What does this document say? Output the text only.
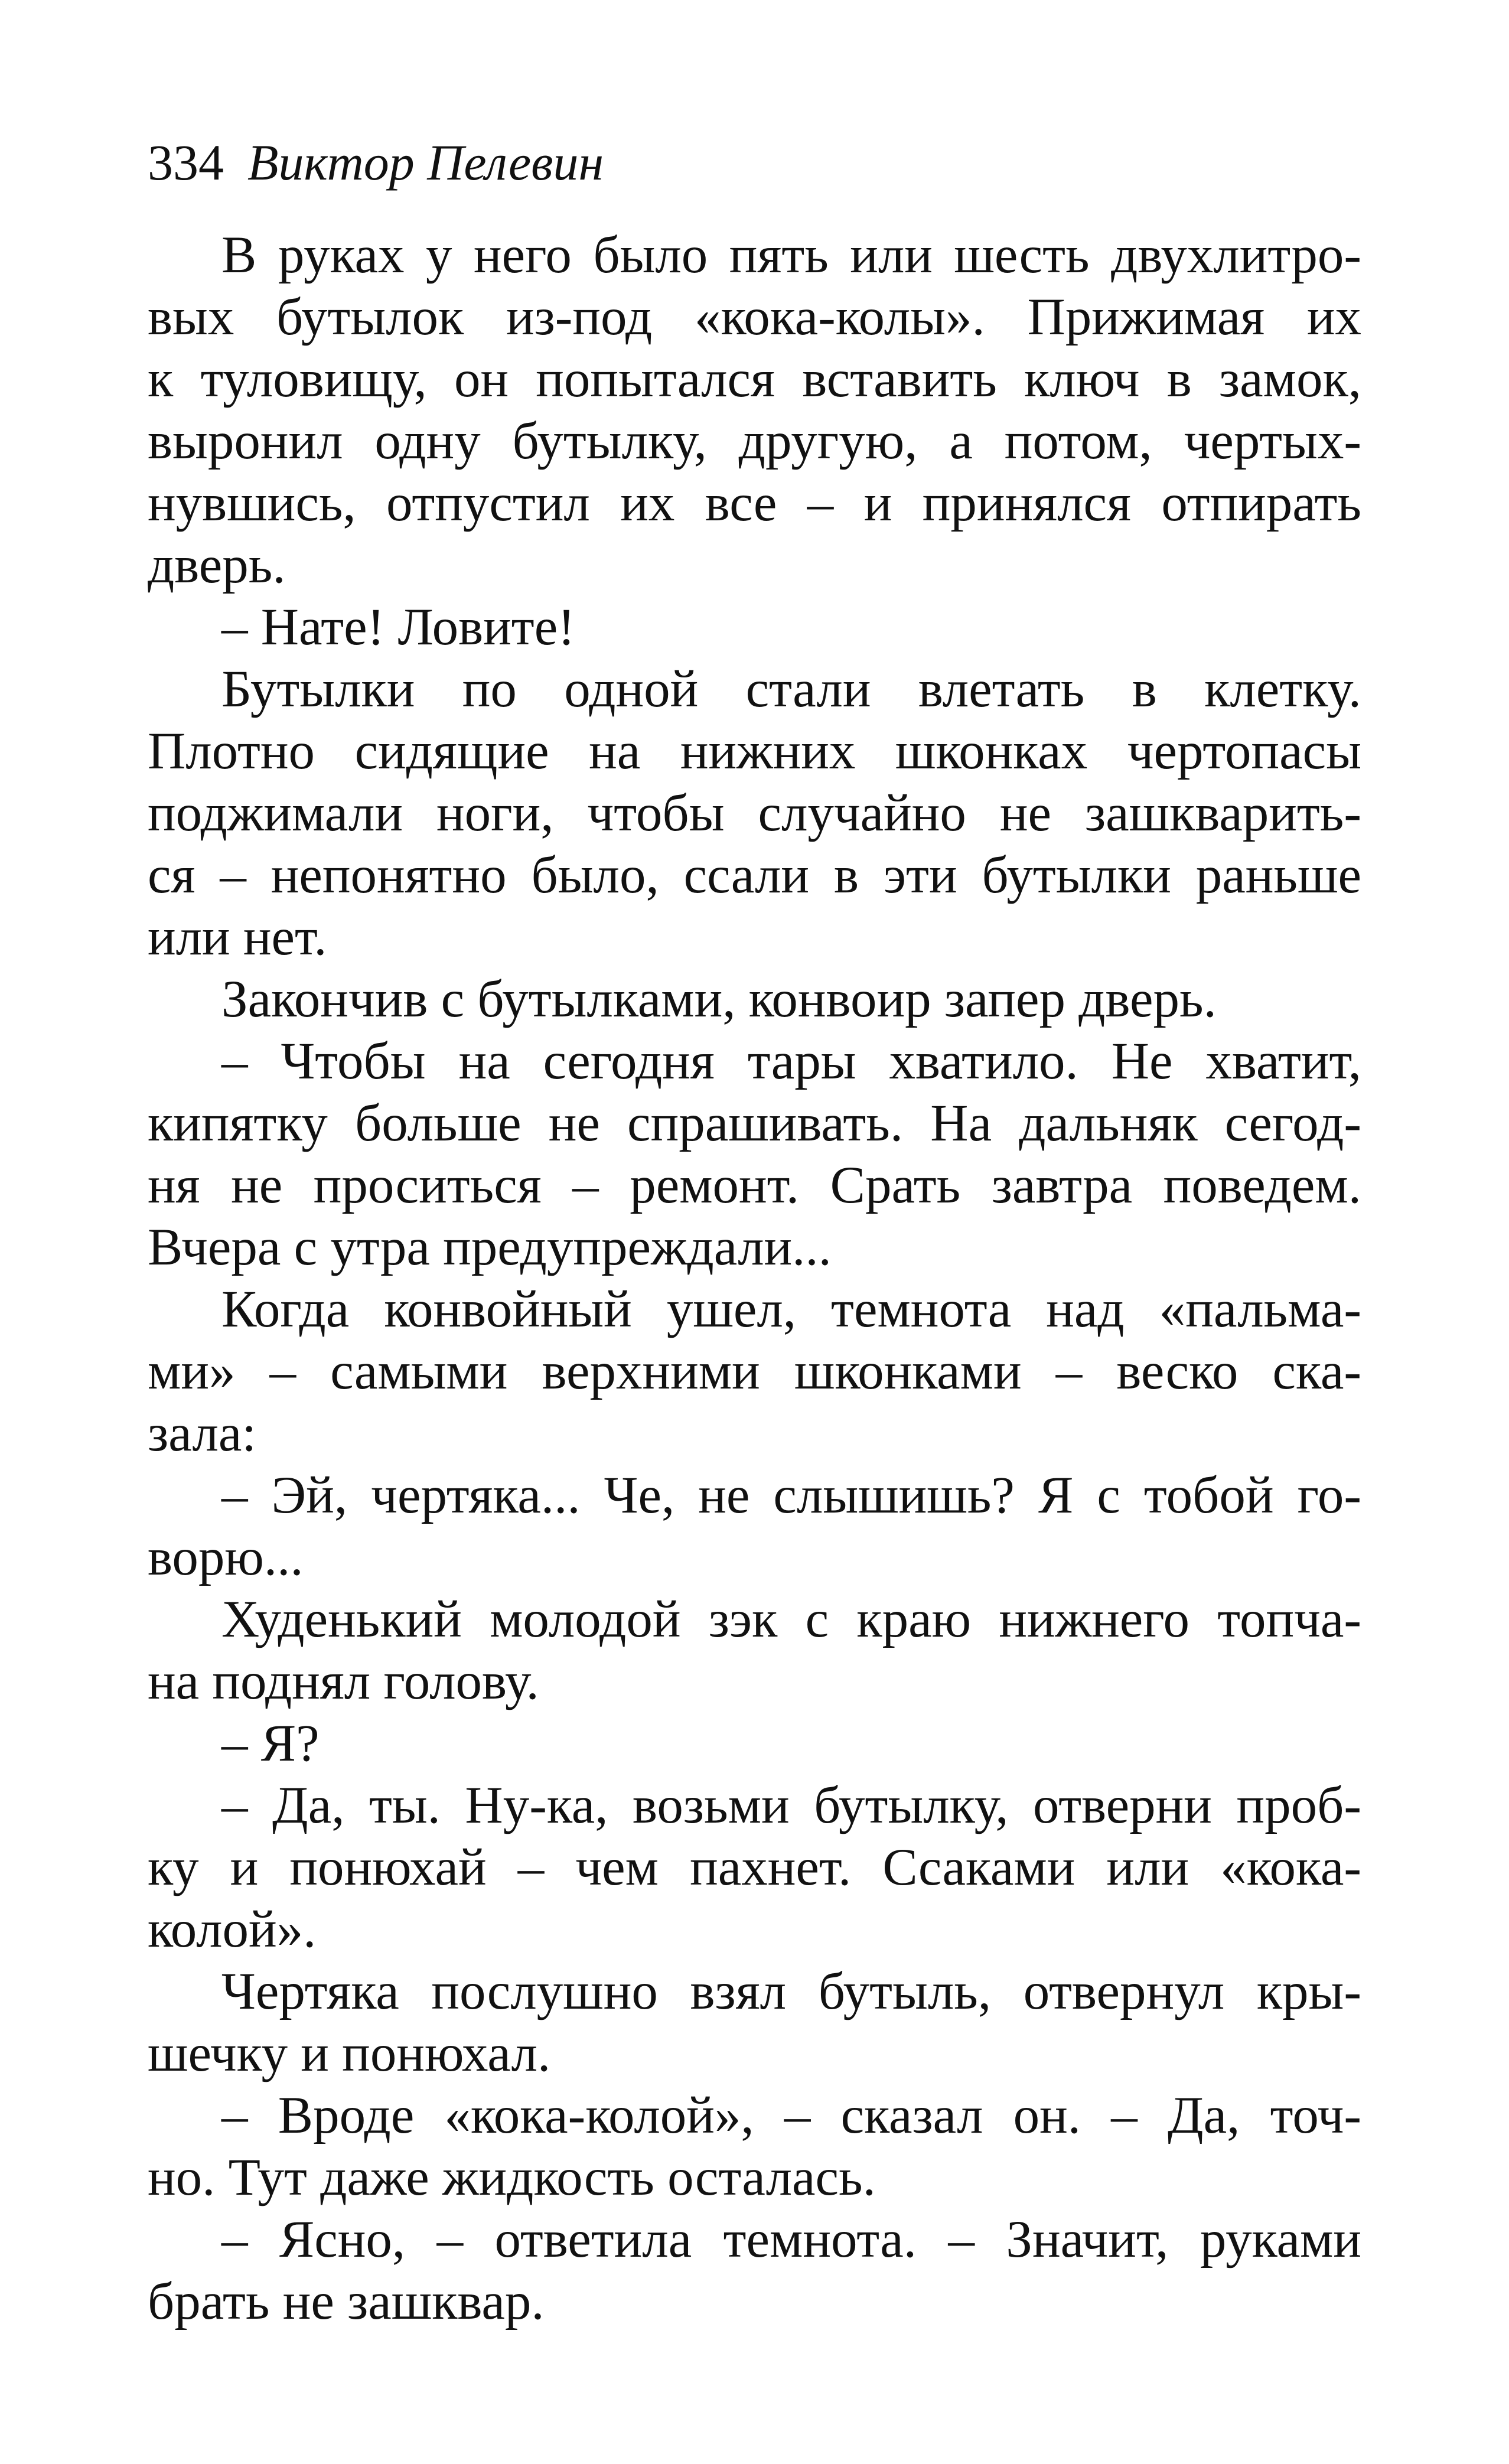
334 Виктор Пелевин
В руках у него было пять или шесть двухлитро-
вых бутылок из-под «кока-колы». Прижимая их
к туловищу, он попытался вставить ключ в замок,
выронил одну бутылку, другую, а потом, чертых-
нувшись, отпустил их все – и принялся отпирать
дверь.
– Нате! Ловите!
Бутылки по одной стали влетать в клетку.
Плотно сидящие на нижних шконках чертопасы
поджимали ноги, чтобы случайно не зашкварить-
ся – непонятно было, ссали в эти бутылки раньше
или нет.
Закончив с бутылками, конвоир запер дверь.
– Чтобы на сегодня тары хватило. Не хватит,
кипятку больше не спрашивать. На дальняк сегод-
ня не проситься – ремонт. Срать завтра поведем.
Вчера с утра предупреждали...
Когда конвойный ушел, темнота над «пальма-
ми» – самыми верхними шконками – веско ска-
зала:
– Эй, чертяка... Че, не слышишь? Я с тобой го-
ворю...
Худенький молодой зэк с краю нижнего топча-
на поднял голову.
– Я?
– Да, ты. Ну-ка, возьми бутылку, отверни проб-
ку и понюхай – чем пахнет. Ссаками или «кока-
колой».
Чертяка послушно взял бутыль, отвернул кры-
шечку и понюхал.
– Вроде «кока-колой», – сказал он. – Да, точ-
но. Тут даже жидкость осталась.
– Ясно, – ответила темнота. – Значит, руками
брать не зашквар.
